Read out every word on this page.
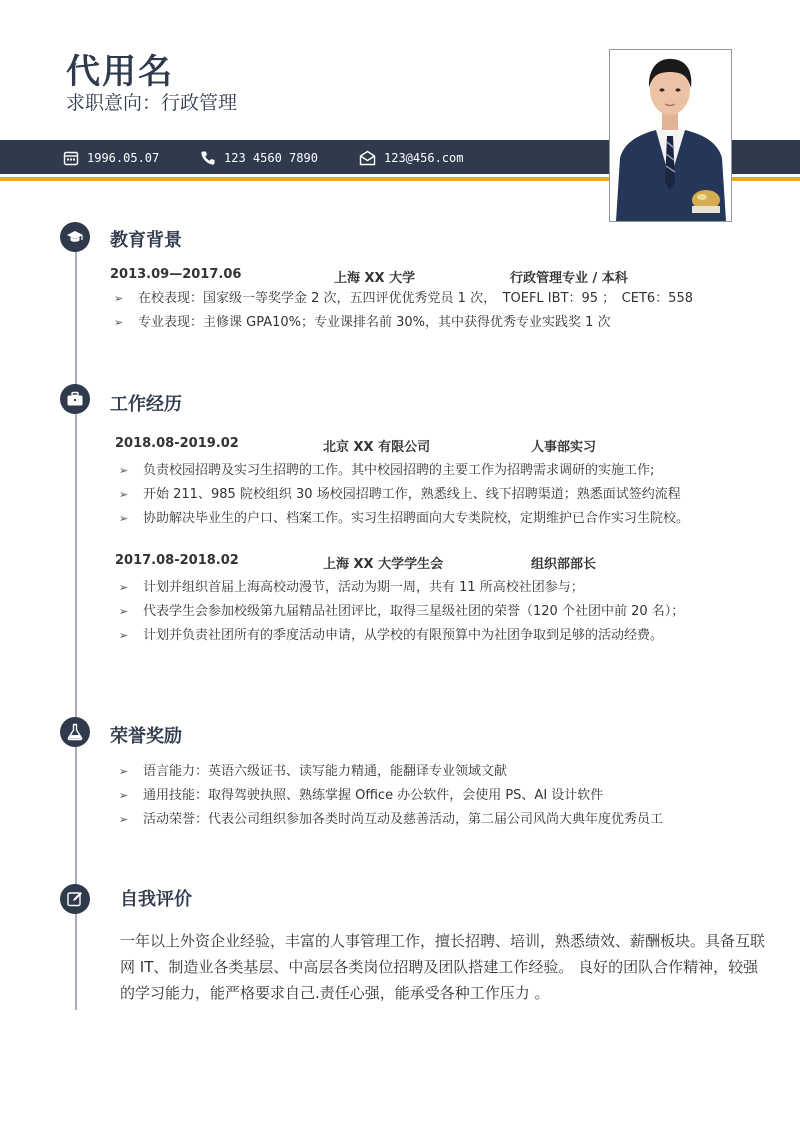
代用名
求职意向：行政管理
1996.05.07	123 4560 7890	123@456.com
教育背景
2013.09—2017.06	上海 XX 大学	行政管理专业 / 本科
➢ 在校表现：国家级一等奖学金 2 次，五四评优优秀党员 1 次，　TOEFL IBT：95 ；　CET6：558
➢ 专业表现：主修课 GPA10%；专业课排名前 30%，其中获得优秀专业实践奖 1 次
工作经历
2018.08-2019.02	北京 XX 有限公司	人事部实习
➢ 负责校园招聘及实习生招聘的工作。其中校园招聘的主要工作为招聘需求调研的实施工作;
➢ 开始 211、985 院校组织 30 场校园招聘工作，熟悉线上、线下招聘渠道；熟悉面试签约流程
➢ 协助解决毕业生的户口、档案工作。实习生招聘面向大专类院校，定期维护已合作实习生院校。
2017.08-2018.02	上海 XX 大学学生会	组织部部长
➢ 计划并组织首届上海高校动漫节，活动为期一周，共有 11 所高校社团参与；
➢ 代表学生会参加校级第九届精品社团评比，取得三星级社团的荣誉（120 个社团中前 20 名）；
➢ 计划并负责社团所有的季度活动申请，从学校的有限预算中为社团争取到足够的活动经费。
荣誉奖励
➢ 语言能力：英语六级证书、读写能力精通，能翻译专业领域文献
➢ 通用技能：取得驾驶执照、熟练掌握 Office 办公软件，会使用 PS、AI 设计软件
➢ 活动荣誉：代表公司组织参加各类时尚互动及慈善活动，第二届公司风尚大典年度优秀员工
自我评价

一年以上外资企业经验，丰富的人事管理工作，擅长招聘、培训，熟悉绩效、薪酬板块。具备互联网 IT、制造业各类基层、中高层各类岗位招聘及团队搭建工作经验。 良好的团队合作精神，较强的学习能力，能严格要求自己.责任心强，能承受各种工作压力 。
